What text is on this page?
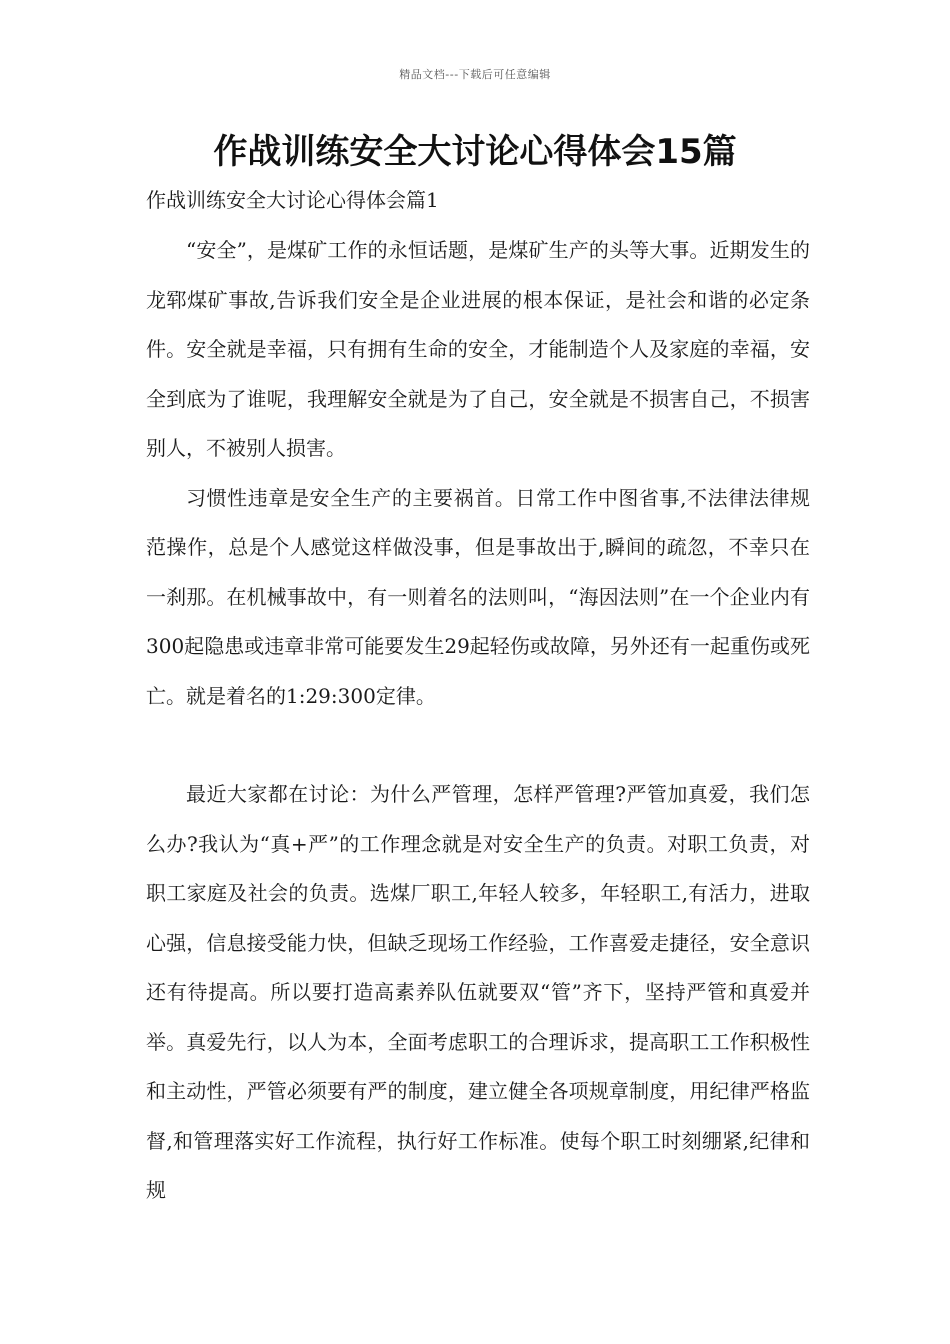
精品文档---下载后可任意编辑
作战训练安全大讨论心得体会15篇
作战训练安全大讨论心得体会篇1

“安全”，是煤矿工作的永恒话题，是煤矿生产的头等大事。近期发生的龙郓煤矿事故,告诉我们安全是企业进展的根本保证，是社会和谐的必定条件。安全就是幸福，只有拥有生命的安全，才能制造个人及家庭的幸福，安全到底为了谁呢，我理解安全就是为了自己，安全就是不损害自己，不损害别人，不被别人损害。

习惯性违章是安全生产的主要祸首。日常工作中图省事,不法律法律规范操作，总是个人感觉这样做没事，但是事故出于,瞬间的疏忽，不幸只在一刹那。在机械事故中，有一则着名的法则叫，“海因法则”在一个企业内有300起隐患或违章非常可能要发生29起轻伤或故障，另外还有一起重伤或死亡。就是着名的1:29:300定律。

最近大家都在讨论：为什么严管理，怎样严管理?严管加真爱，我们怎么办?我认为“真+严”的工作理念就是对安全生产的负责。对职工负责，对职工家庭及社会的负责。选煤厂职工,年轻人较多，年轻职工,有活力，进取心强，信息接受能力快，但缺乏现场工作经验，工作喜爱走捷径，安全意识还有待提高。所以要打造高素养队伍就要双“管”齐下，坚持严管和真爱并举。真爱先行，以人为本，全面考虑职工的合理诉求，提高职工工作积极性和主动性，严管必须要有严的制度，建立健全各项规章制度，用纪律严格监督,和管理落实好工作流程，执行好工作标准。使每个职工时刻绷紧,纪律和规
